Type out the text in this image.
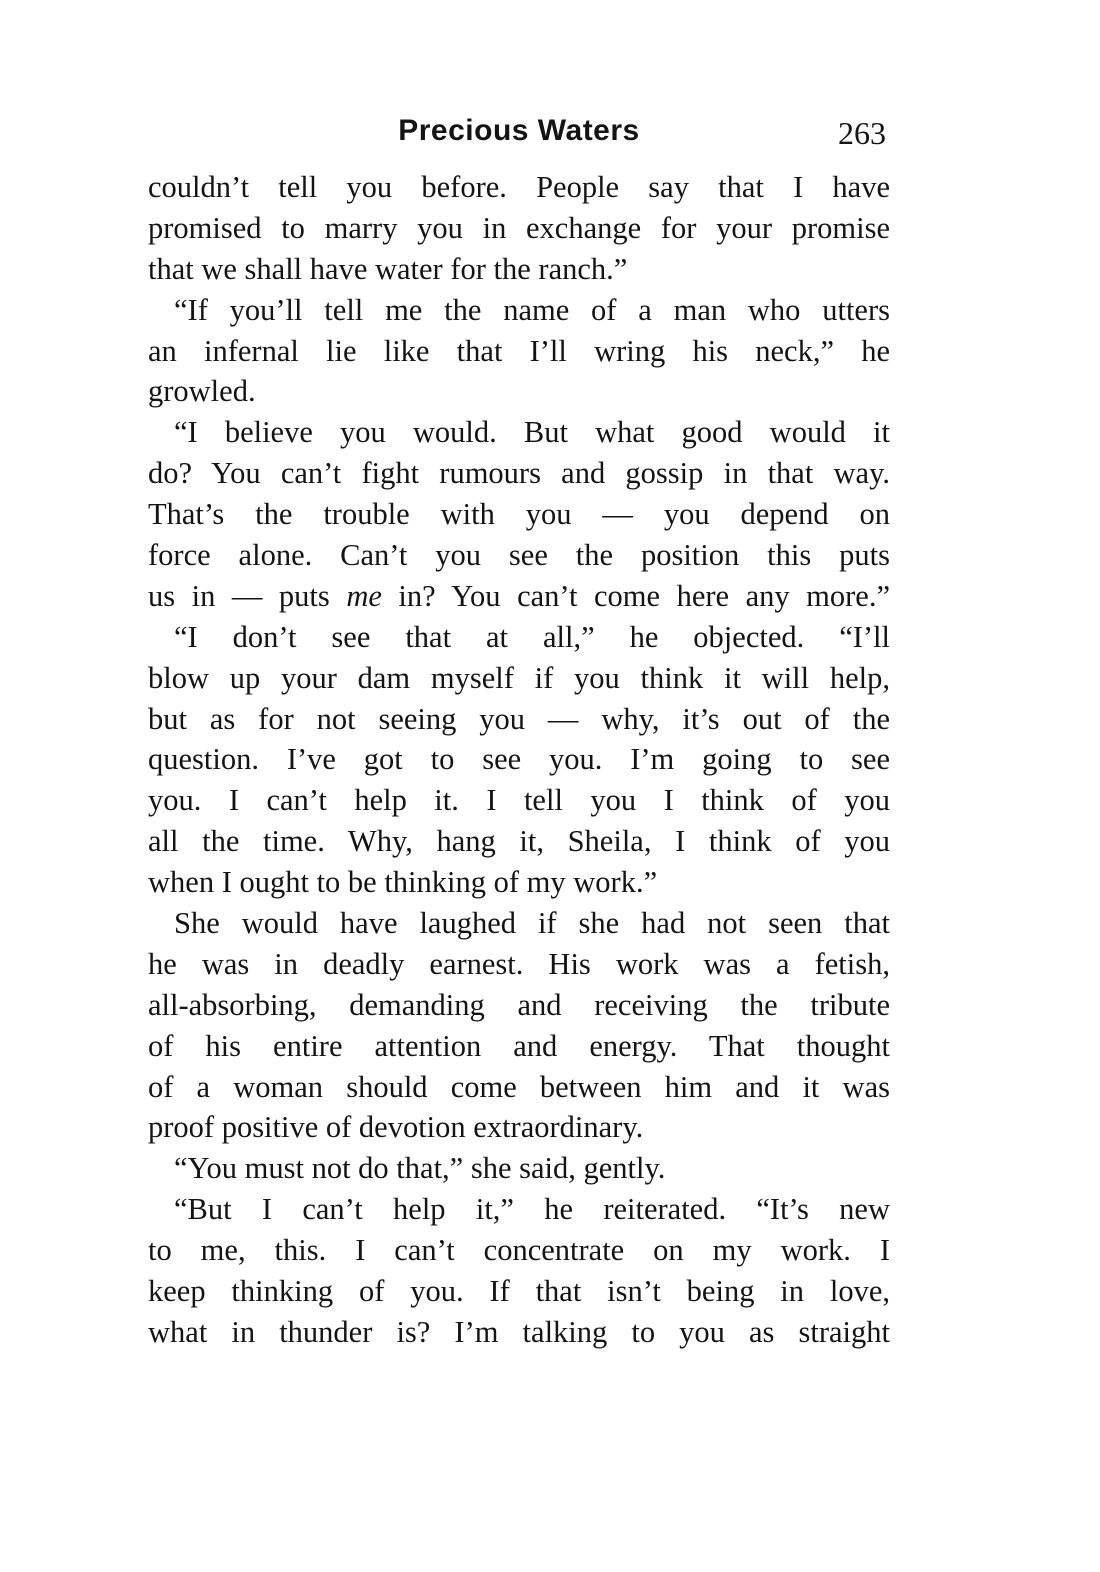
Precious Waters	263
couldn’t tell you before. People say that I have
promised to marry you in exchange for your promise
that we shall have water for the ranch.”
“If you’ll tell me the name of a man who utters
an infernal lie like that I’ll wring his neck,” he
growled.
“I believe you would. But what good would it
do? You can’t fight rumours and gossip in that way.
That’s the trouble with you — you depend on
force alone. Can’t you see the position this puts
us in — puts me in? You can’t come here any more.”
“I don’t see that at all,” he objected. “I’ll
blow up your dam myself if you think it will help,
but as for not seeing you — why, it’s out of the
question. I’ve got to see you. I’m going to see
you. I can’t help it. I tell you I think of you
all the time. Why, hang it, Sheila, I think of you
when I ought to be thinking of my work.”
She would have laughed if she had not seen that
he was in deadly earnest. His work was a fetish,
all-absorbing, demanding and receiving the tribute
of his entire attention and energy. That thought
of a woman should come between him and it was
proof positive of devotion extraordinary.
“You must not do that,” she said, gently.
“But I can’t help it,” he reiterated. “It’s new
to me, this. I can’t concentrate on my work. I
keep thinking of you. If that isn’t being in love,
what in thunder is? I’m talking to you as straight
